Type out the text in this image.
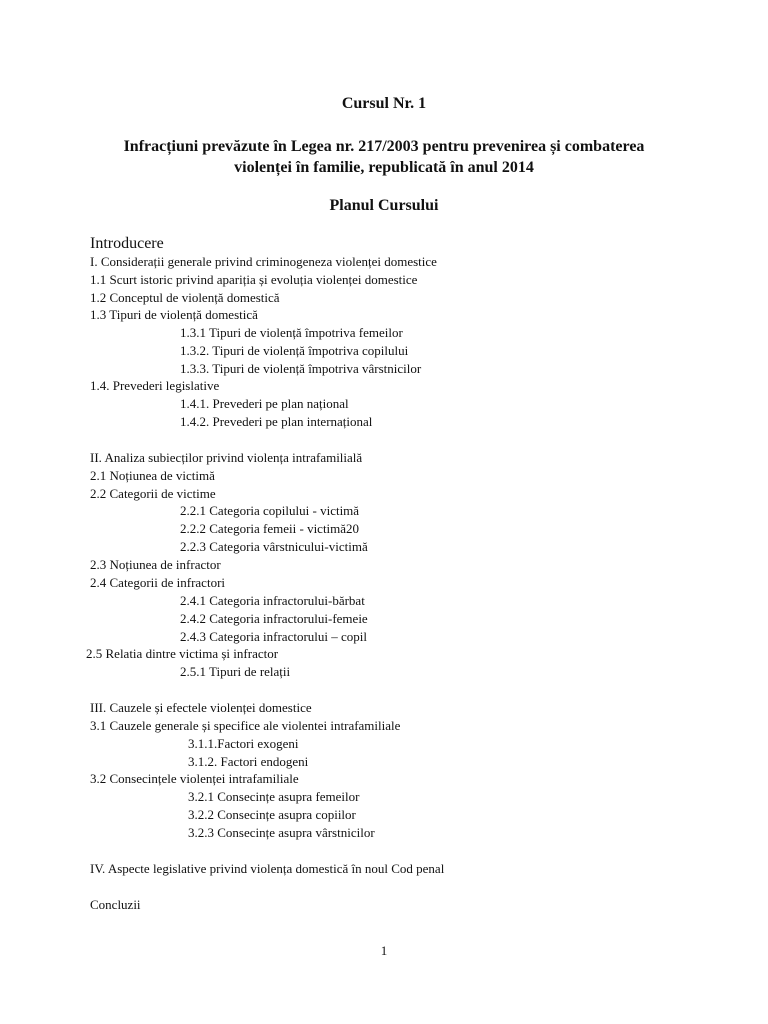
Cursul Nr. 1
Infracțiuni prevăzute în Legea nr. 217/2003 pentru prevenirea și combaterea
violenței în familie, republicată în anul 2014
Planul Cursului
Introducere
I. Considerații generale privind criminogeneza violenței domestice
1.1 Scurt istoric privind apariția și evoluția violenței domestice
1.2 Conceptul de violență domestică
1.3 Tipuri de violență domestică
1.3.1 Tipuri de violență împotriva femeilor
1.3.2. Tipuri de violență împotriva copilului
1.3.3. Tipuri de violență împotriva vârstnicilor
1.4. Prevederi legislative
1.4.1. Prevederi pe plan național
1.4.2. Prevederi pe plan internațional
II. Analiza subiecților privind violența intrafamilială
2.1 Noțiunea de victimă
2.2 Categorii de victime
2.2.1 Categoria copilului - victimă
2.2.2 Categoria femeii - victimă20
2.2.3 Categoria vârstnicului-victimă
2.3 Noțiunea de infractor
2.4 Categorii de infractori
2.4.1 Categoria infractorului-bărbat
2.4.2 Categoria infractorului-femeie
2.4.3 Categoria infractorului – copil
2.5 Relatia dintre victima și infractor
2.5.1 Tipuri de relații
III. Cauzele și efectele violenței domestice
3.1 Cauzele generale și specifice ale violentei intrafamiliale
3.1.1.Factori exogeni
3.1.2. Factori endogeni
3.2 Consecințele violenței intrafamiliale
3.2.1 Consecințe asupra femeilor
3.2.2 Consecințe asupra copiilor
3.2.3 Consecințe asupra vârstnicilor
IV. Aspecte legislative privind violența domestică în noul Cod penal
Concluzii
1
